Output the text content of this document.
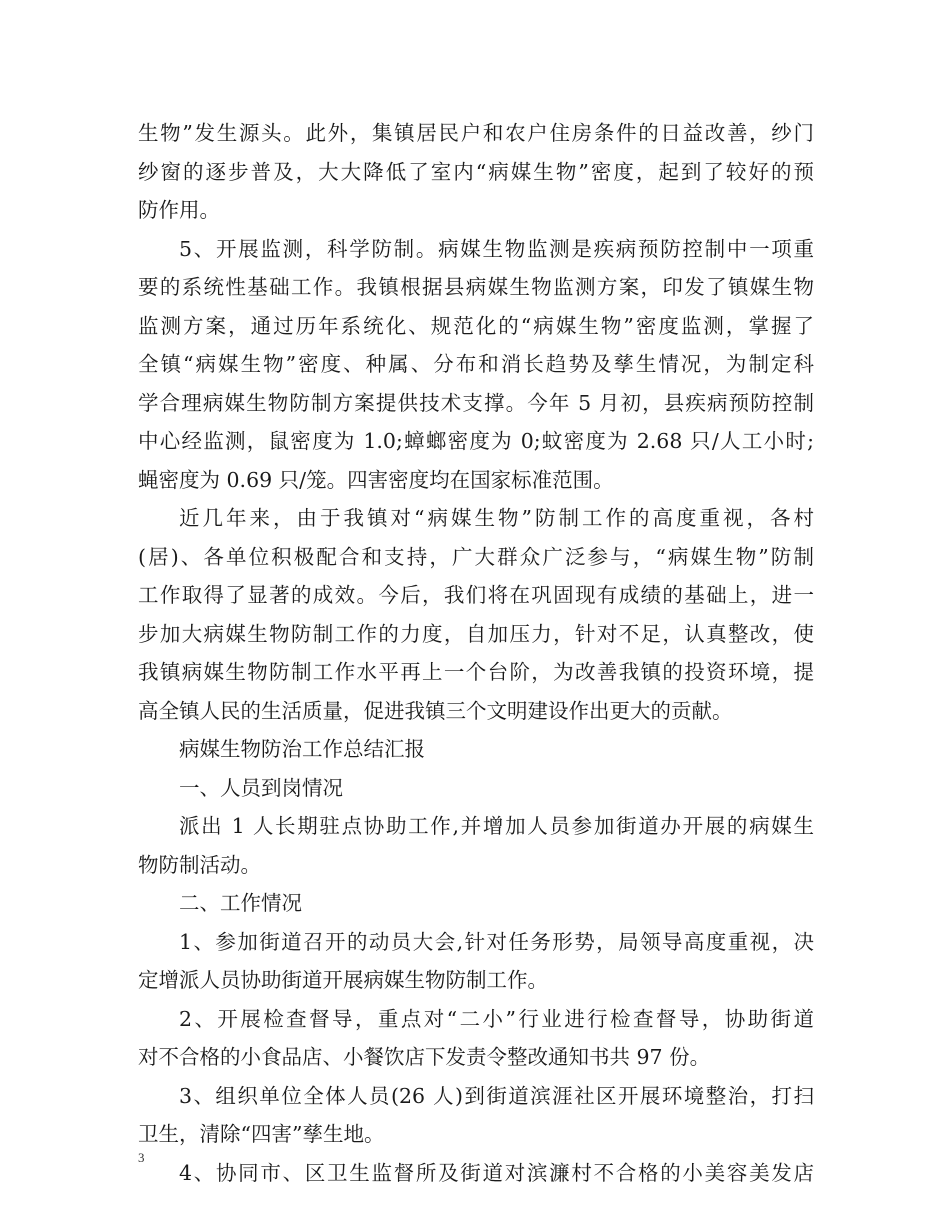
生物”发生源头。此外，集镇居民户和农户住房条件的日益改善，纱门
纱窗的逐步普及，大大降低了室内“病媒生物”密度，起到了较好的预
防作用。
5、开展监测，科学防制。病媒生物监测是疾病预防控制中一项重
要的系统性基础工作。我镇根据县病媒生物监测方案，印发了镇媒生物
监测方案，通过历年系统化、规范化的“病媒生物”密度监测，掌握了
全镇“病媒生物”密度、种属、分布和消长趋势及孳生情况，为制定科
学合理病媒生物防制方案提供技术支撑。今年 5 月初，县疾病预防控制
中心经监测，鼠密度为 1.0;蟑螂密度为 0;蚊密度为 2.68 只/人工小时;
蝇密度为 0.69 只/笼。四害密度均在国家标准范围。
近几年来，由于我镇对“病媒生物”防制工作的高度重视，各村
(居)、各单位积极配合和支持，广大群众广泛参与，“病媒生物”防制
工作取得了显著的成效。今后，我们将在巩固现有成绩的基础上，进一
步加大病媒生物防制工作的力度，自加压力，针对不足，认真整改，使
我镇病媒生物防制工作水平再上一个台阶，为改善我镇的投资环境，提
高全镇人民的生活质量，促进我镇三个文明建设作出更大的贡献。
病媒生物防治工作总结汇报
一、人员到岗情况
派出 1 人长期驻点协助工作,并增加人员参加街道办开展的病媒生
物防制活动。
二、工作情况
1、参加街道召开的动员大会,针对任务形势，局领导高度重视，决
定增派人员协助街道开展病媒生物防制工作。
2、开展检查督导，重点对“二小”行业进行检查督导，协助街道
对不合格的小食品店、小餐饮店下发责令整改通知书共 97 份。
3、组织单位全体人员(26 人)到街道滨涯社区开展环境整治，打扫
卫生，清除“四害”孳生地。
4、协同市、区卫生监督所及街道对滨濂村不合格的小美容美发店
3
